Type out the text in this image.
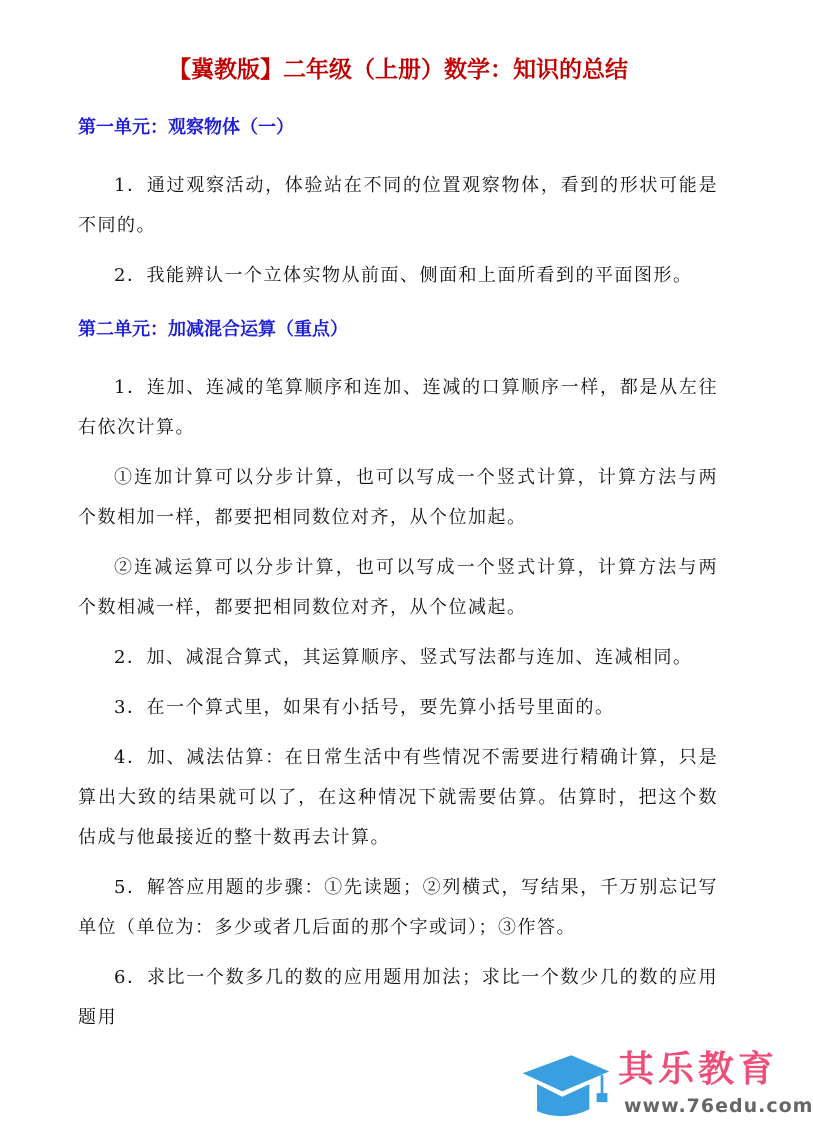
【冀教版】二年级（上册）数学：知识的总结
第一单元：观察物体（一）

1．通过观察活动，体验站在不同的位置观察物体，看到的形状可能是不同的。

2．我能辨认一个立体实物从前面、侧面和上面所看到的平面图形。

第二单元：加减混合运算（重点）

1．连加、连减的笔算顺序和连加、连减的口算顺序一样，都是从左往右依次计算。

①连加计算可以分步计算，也可以写成一个竖式计算，计算方法与两个数相加一样，都要把相同数位对齐，从个位加起。

②连减运算可以分步计算，也可以写成一个竖式计算，计算方法与两个数相减一样，都要把相同数位对齐，从个位减起。

2．加、减混合算式，其运算顺序、竖式写法都与连加、连减相同。

3．在一个算式里，如果有小括号，要先算小括号里面的。

4．加、减法估算：在日常生活中有些情况不需要进行精确计算，只是算出大致的结果就可以了，在这种情况下就需要估算。估算时，把这个数估成与他最接近的整十数再去计算。

5．解答应用题的步骤：①先读题；②列横式，写结果，千万别忘记写单位（单位为：多少或者几后面的那个字或词）；③作答。

6．求比一个数多几的数的应用题用加法；求比一个数少几的数的应用题用

其乐教育
www.76edu.com
